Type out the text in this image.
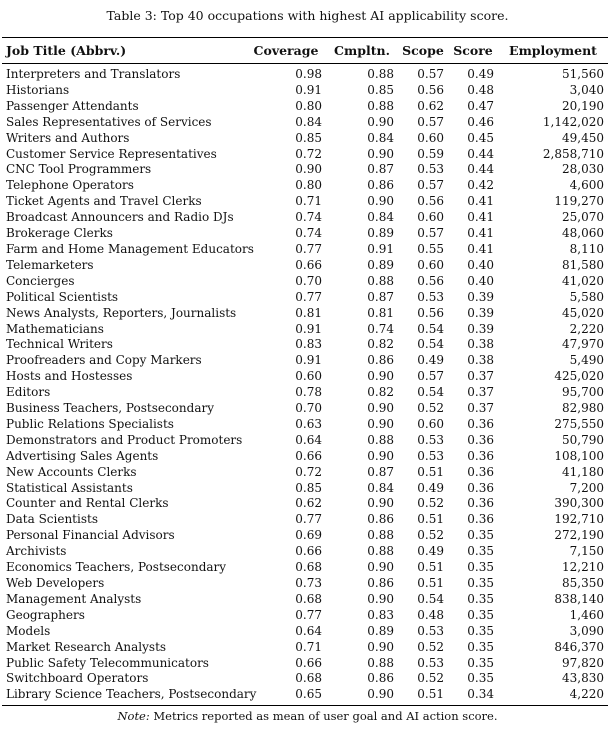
Table 3: Top 40 occupations with highest AI applicability score.
Job Title (Abbrv.)	Coverage	Cmpltn.	Scope	Score	Employment
Interpreters and Translators	0.98	0.88	0.57	0.49	51,560
Historians	0.91	0.85	0.56	0.48	3,040
Passenger Attendants	0.80	0.88	0.62	0.47	20,190
Sales Representatives of Services	0.84	0.90	0.57	0.46	1,142,020
Writers and Authors	0.85	0.84	0.60	0.45	49,450
Customer Service Representatives	0.72	0.90	0.59	0.44	2,858,710
CNC Tool Programmers	0.90	0.87	0.53	0.44	28,030
Telephone Operators	0.80	0.86	0.57	0.42	4,600
Ticket Agents and Travel Clerks	0.71	0.90	0.56	0.41	119,270
Broadcast Announcers and Radio DJs	0.74	0.84	0.60	0.41	25,070
Brokerage Clerks	0.74	0.89	0.57	0.41	48,060
Farm and Home Management Educators	0.77	0.91	0.55	0.41	8,110
Telemarketers	0.66	0.89	0.60	0.40	81,580
Concierges	0.70	0.88	0.56	0.40	41,020
Political Scientists	0.77	0.87	0.53	0.39	5,580
News Analysts, Reporters, Journalists	0.81	0.81	0.56	0.39	45,020
Mathematicians	0.91	0.74	0.54	0.39	2,220
Technical Writers	0.83	0.82	0.54	0.38	47,970
Proofreaders and Copy Markers	0.91	0.86	0.49	0.38	5,490
Hosts and Hostesses	0.60	0.90	0.57	0.37	425,020
Editors	0.78	0.82	0.54	0.37	95,700
Business Teachers, Postsecondary	0.70	0.90	0.52	0.37	82,980
Public Relations Specialists	0.63	0.90	0.60	0.36	275,550
Demonstrators and Product Promoters	0.64	0.88	0.53	0.36	50,790
Advertising Sales Agents	0.66	0.90	0.53	0.36	108,100
New Accounts Clerks	0.72	0.87	0.51	0.36	41,180
Statistical Assistants	0.85	0.84	0.49	0.36	7,200
Counter and Rental Clerks	0.62	0.90	0.52	0.36	390,300
Data Scientists	0.77	0.86	0.51	0.36	192,710
Personal Financial Advisors	0.69	0.88	0.52	0.35	272,190
Archivists	0.66	0.88	0.49	0.35	7,150
Economics Teachers, Postsecondary	0.68	0.90	0.51	0.35	12,210
Web Developers	0.73	0.86	0.51	0.35	85,350
Management Analysts	0.68	0.90	0.54	0.35	838,140
Geographers	0.77	0.83	0.48	0.35	1,460
Models	0.64	0.89	0.53	0.35	3,090
Market Research Analysts	0.71	0.90	0.52	0.35	846,370
Public Safety Telecommunicators	0.66	0.88	0.53	0.35	97,820
Switchboard Operators	0.68	0.86	0.52	0.35	43,830
Library Science Teachers, Postsecondary	0.65	0.90	0.51	0.34	4,220
Note: Metrics reported as mean of user goal and AI action score.
